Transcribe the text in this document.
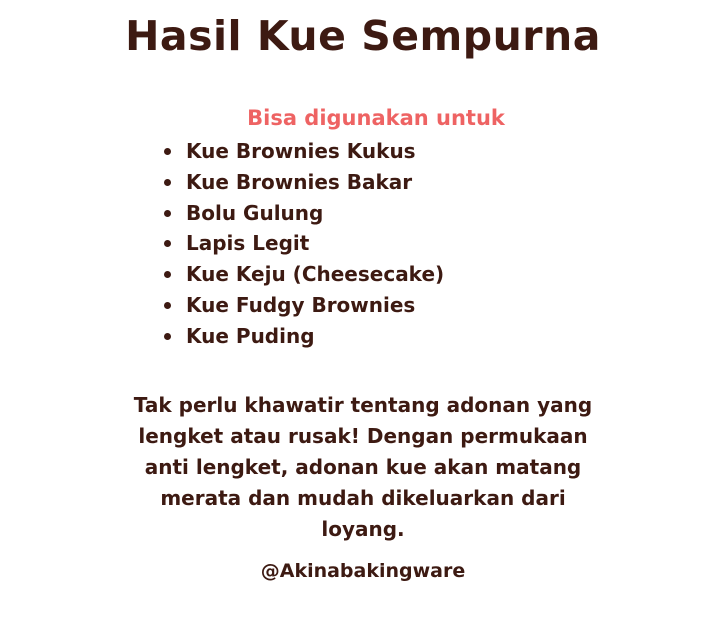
Hasil Kue Sempurna
Bisa digunakan untuk
Kue Brownies Kukus
Kue Brownies Bakar
Bolu Gulung
Lapis Legit
Kue Keju (Cheesecake)
Kue Fudgy Brownies
Kue Puding

Tak perlu khawatir tentang adonan yang lengket atau rusak! Dengan permukaan anti lengket, adonan kue akan matang merata dan mudah dikeluarkan dari loyang.

@Akinabakingware
